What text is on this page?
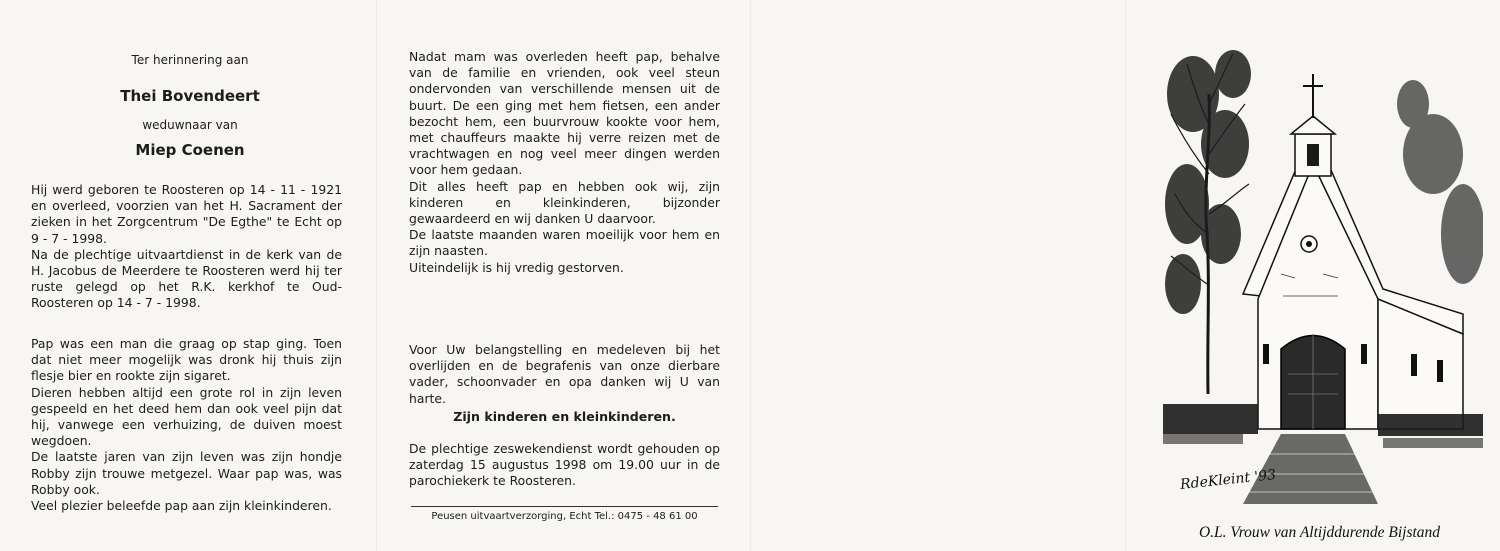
Ter herinnering aan
Thei Bovendeert
weduwnaar van
Miep Coenen

Hij werd geboren te Roosteren op 14 - 11 - 1921 en overleed, voorzien van het H. Sacrament der zieken in het Zorgcentrum "De Egthe" te Echt op 9 - 7 - 1998.

Na de plechtige uitvaartdienst in de kerk van de H. Jacobus de Meerdere te Roosteren werd hij ter ruste gelegd op het R.K. kerkhof te Oud-Roosteren op 14 - 7 - 1998.

Pap was een man die graag op stap ging. Toen dat niet meer mogelijk was dronk hij thuis zijn flesje bier en rookte zijn sigaret.

Dieren hebben altijd een grote rol in zijn leven gespeeld en het deed hem dan ook veel pijn dat hij, vanwege een verhuizing, de duiven moest wegdoen.

De laatste jaren van zijn leven was zijn hondje Robby zijn trouwe metgezel. Waar pap was, was Robby ook.

Veel plezier beleefde pap aan zijn kleinkinderen.

Nadat mam was overleden heeft pap, behalve van de familie en vrienden, ook veel steun ondervonden van verschillende mensen uit de buurt. De een ging met hem fietsen, een ander bezocht hem, een buurvrouw kookte voor hem, met chauffeurs maakte hij verre reizen met de vrachtwagen en nog veel meer dingen werden voor hem gedaan.

Dit alles heeft pap en hebben ook wij, zijn kinderen en kleinkinderen, bijzonder gewaardeerd en wij danken U daarvoor.

De laatste maanden waren moeilijk voor hem en zijn naasten.

Uiteindelijk is hij vredig gestorven.

Voor Uw belangstelling en medeleven bij het overlijden en de begrafenis van onze dierbare vader, schoonvader en opa danken wij U van harte.

Zijn kinderen en kleinkinderen.

De plechtige zeswekendienst wordt gehouden op zaterdag 15 augustus 1998 om 19.00 uur in de parochiekerk te Roosteren.

Peusen uitvaartverzorging, Echt Tel.: 0475 - 48 61 00
RdeKleint '93
O.L. Vrouw van Altijddurende Bijstand
